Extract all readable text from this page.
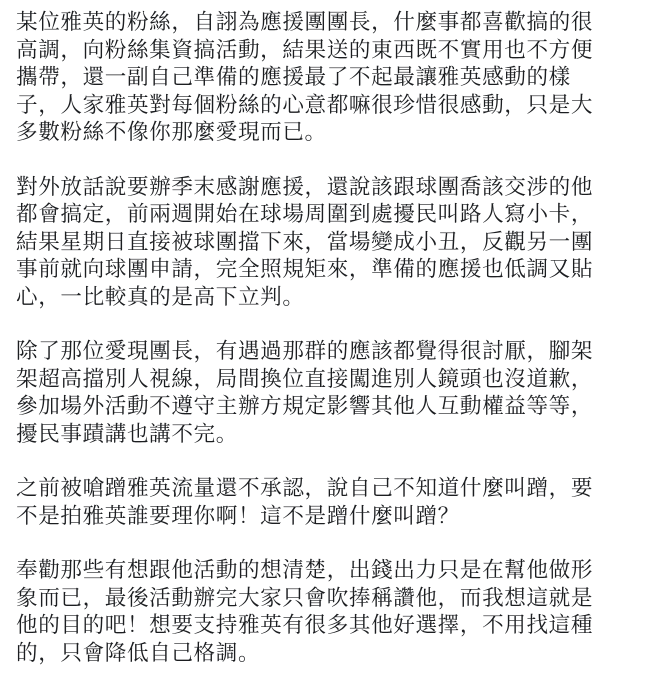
某位雅英的粉絲，自詡為應援團團長，什麼事都喜歡搞的很
高調，向粉絲集資搞活動，結果送的東西既不實用也不方便
攜帶，還一副自己準備的應援最了不起最讓雅英感動的樣
子，人家雅英對每個粉絲的心意都嘛很珍惜很感動，只是大
多數粉絲不像你那麼愛現而已。
對外放話說要辦季末感謝應援，還說該跟球團喬該交涉的他
都會搞定，前兩週開始在球場周圍到處擾民叫路人寫小卡，
結果星期日直接被球團擋下來，當場變成小丑，反觀另一團
事前就向球團申請，完全照規矩來，準備的應援也低調又貼
心，一比較真的是高下立判。
除了那位愛現團長，有遇過那群的應該都覺得很討厭，腳架
架超高擋別人視線，局間換位直接闖進別人鏡頭也沒道歉，
參加場外活動不遵守主辦方規定影響其他人互動權益等等，
擾民事蹟講也講不完。
之前被嗆蹭雅英流量還不承認，說自己不知道什麼叫蹭，要
不是拍雅英誰要理你啊！這不是蹭什麼叫蹭？
奉勸那些有想跟他活動的想清楚，出錢出力只是在幫他做形
象而已，最後活動辦完大家只會吹捧稱讚他，而我想這就是
他的目的吧！想要支持雅英有很多其他好選擇，不用找這種
的，只會降低自己格調。
